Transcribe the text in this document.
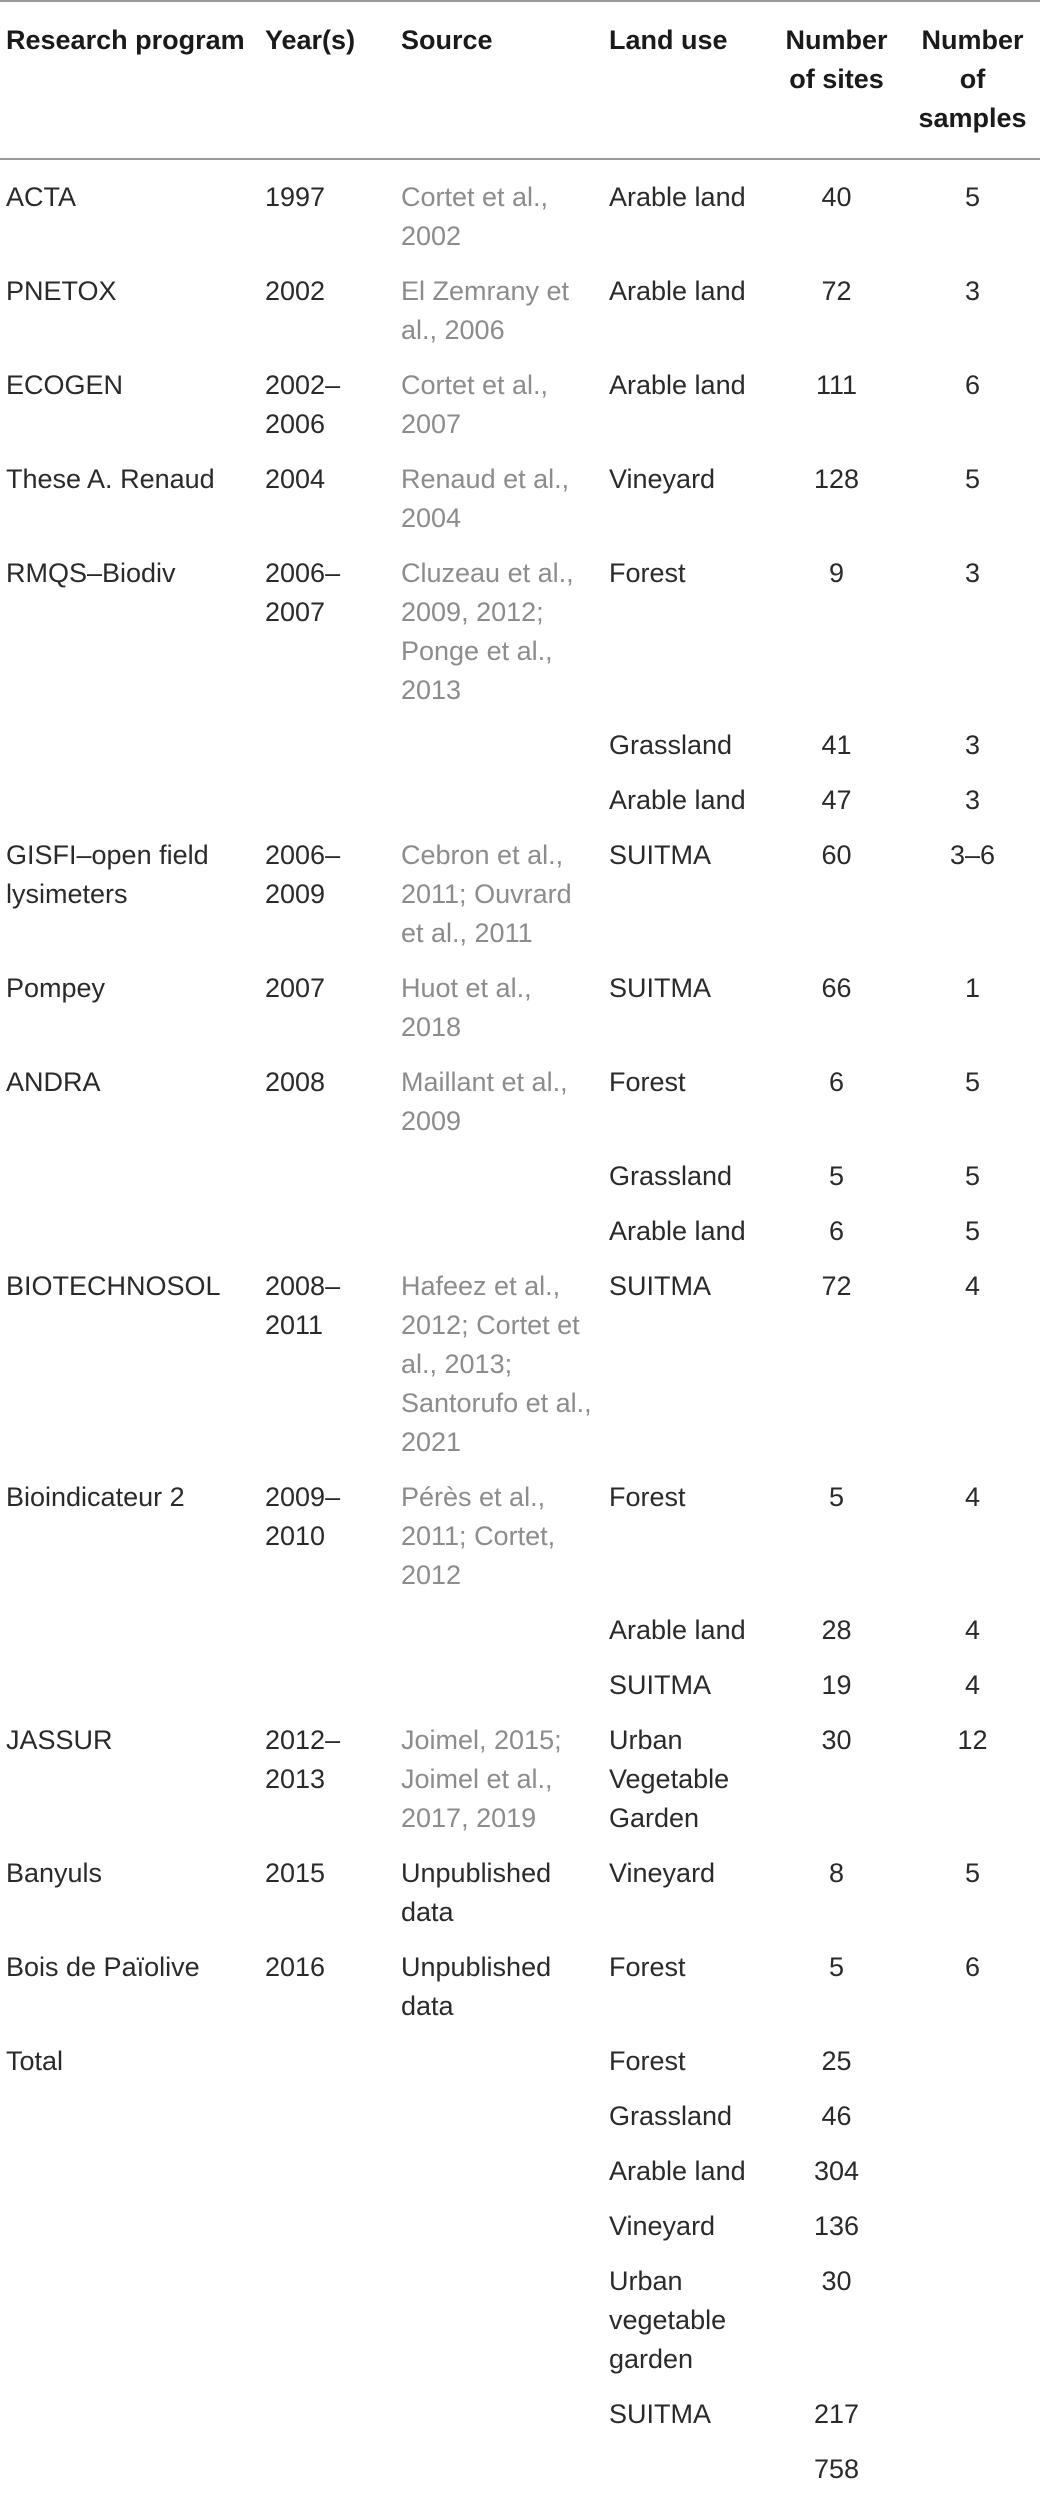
Research program	Year(s)	Source	Land use	Number of sites	Number of samples
ACTA	1997	Cortet et al., 2002	Arable land	40	5
PNETOX	2002	El Zemrany et al., 2006	Arable land	72	3
ECOGEN	2002–2006	Cortet et al., 2007	Arable land	111	6
These A. Renaud	2004	Renaud et al., 2004	Vineyard	128	5
RMQS–Biodiv	2006–2007	Cluzeau et al., 2009, 2012; Ponge et al., 2013	Forest	9	3
			Grassland	41	3
			Arable land	47	3
GISFI–open field lysimeters	2006–2009	Cebron et al., 2011; Ouvrard et al., 2011	SUITMA	60	3–6
Pompey	2007	Huot et al., 2018	SUITMA	66	1
ANDRA	2008	Maillant et al., 2009	Forest	6	5
			Grassland	5	5
			Arable land	6	5
BIOTECHNOSOL	2008–2011	Hafeez et al., 2012; Cortet et al., 2013; Santorufo et al., 2021	SUITMA	72	4
Bioindicateur 2	2009–2010	Pérès et al., 2011; Cortet, 2012	Forest	5	4
			Arable land	28	4
			SUITMA	19	4
JASSUR	2012–2013	Joimel, 2015; Joimel et al., 2017, 2019	Urban Vegetable Garden	30	12
Banyuls	2015	Unpublished data	Vineyard	8	5
Bois de Païolive	2016	Unpublished data	Forest	5	6
Total			Forest	25	
			Grassland	46	
			Arable land	304	
			Vineyard	136	
			Urban vegetable garden	30	
			SUITMA	217	
				758	
